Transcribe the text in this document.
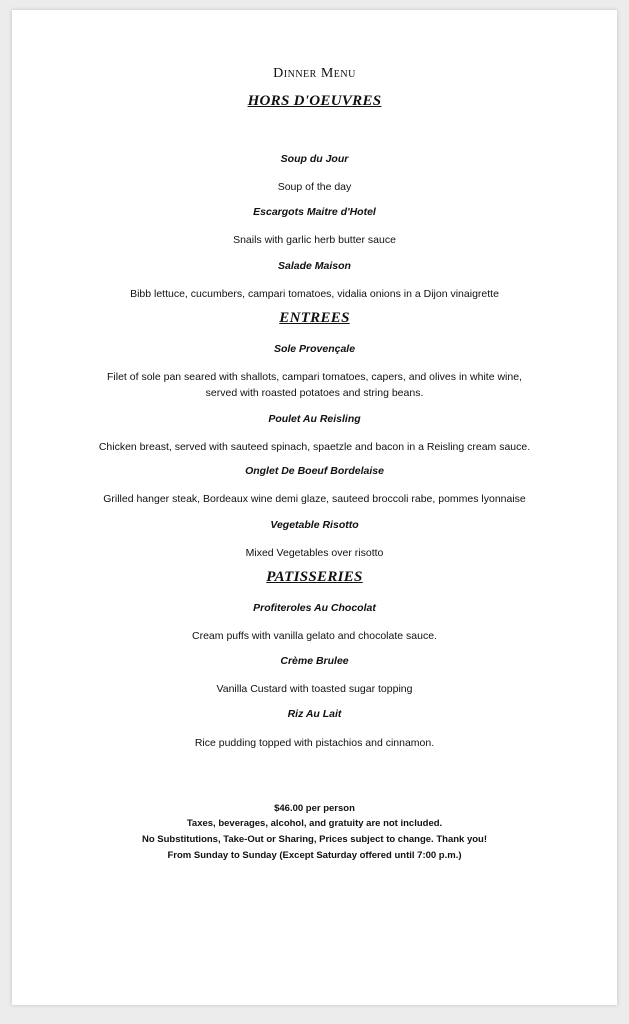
Dinner Menu
HORS D'OEUVRES
Soup du Jour
Soup of the day
Escargots Maitre d'Hotel
Snails with garlic herb butter sauce
Salade Maison
Bibb lettuce, cucumbers, campari tomatoes, vidalia onions in a Dijon vinaigrette
ENTREES
Sole Provençale
Filet of sole pan seared with shallots, campari tomatoes, capers, and olives in white wine,
served with roasted potatoes and string beans.
Poulet Au Reisling
Chicken breast, served with sauteed spinach, spaetzle and bacon in a Reisling cream sauce.
Onglet De Boeuf Bordelaise
Grilled hanger steak, Bordeaux wine demi glaze, sauteed broccoli rabe, pommes lyonnaise
Vegetable Risotto
Mixed Vegetables over risotto
PATISSERIES
Profiteroles Au Chocolat
Cream puffs with vanilla gelato and chocolate sauce.
Crème Brulee
Vanilla Custard with toasted sugar topping
Riz Au Lait
Rice pudding topped with pistachios and cinnamon.
$46.00 per person
Taxes, beverages, alcohol, and gratuity are not included.
No Substitutions, Take-Out or Sharing, Prices subject to change. Thank you!
From Sunday to Sunday (Except Saturday offered until 7:00 p.m.)
